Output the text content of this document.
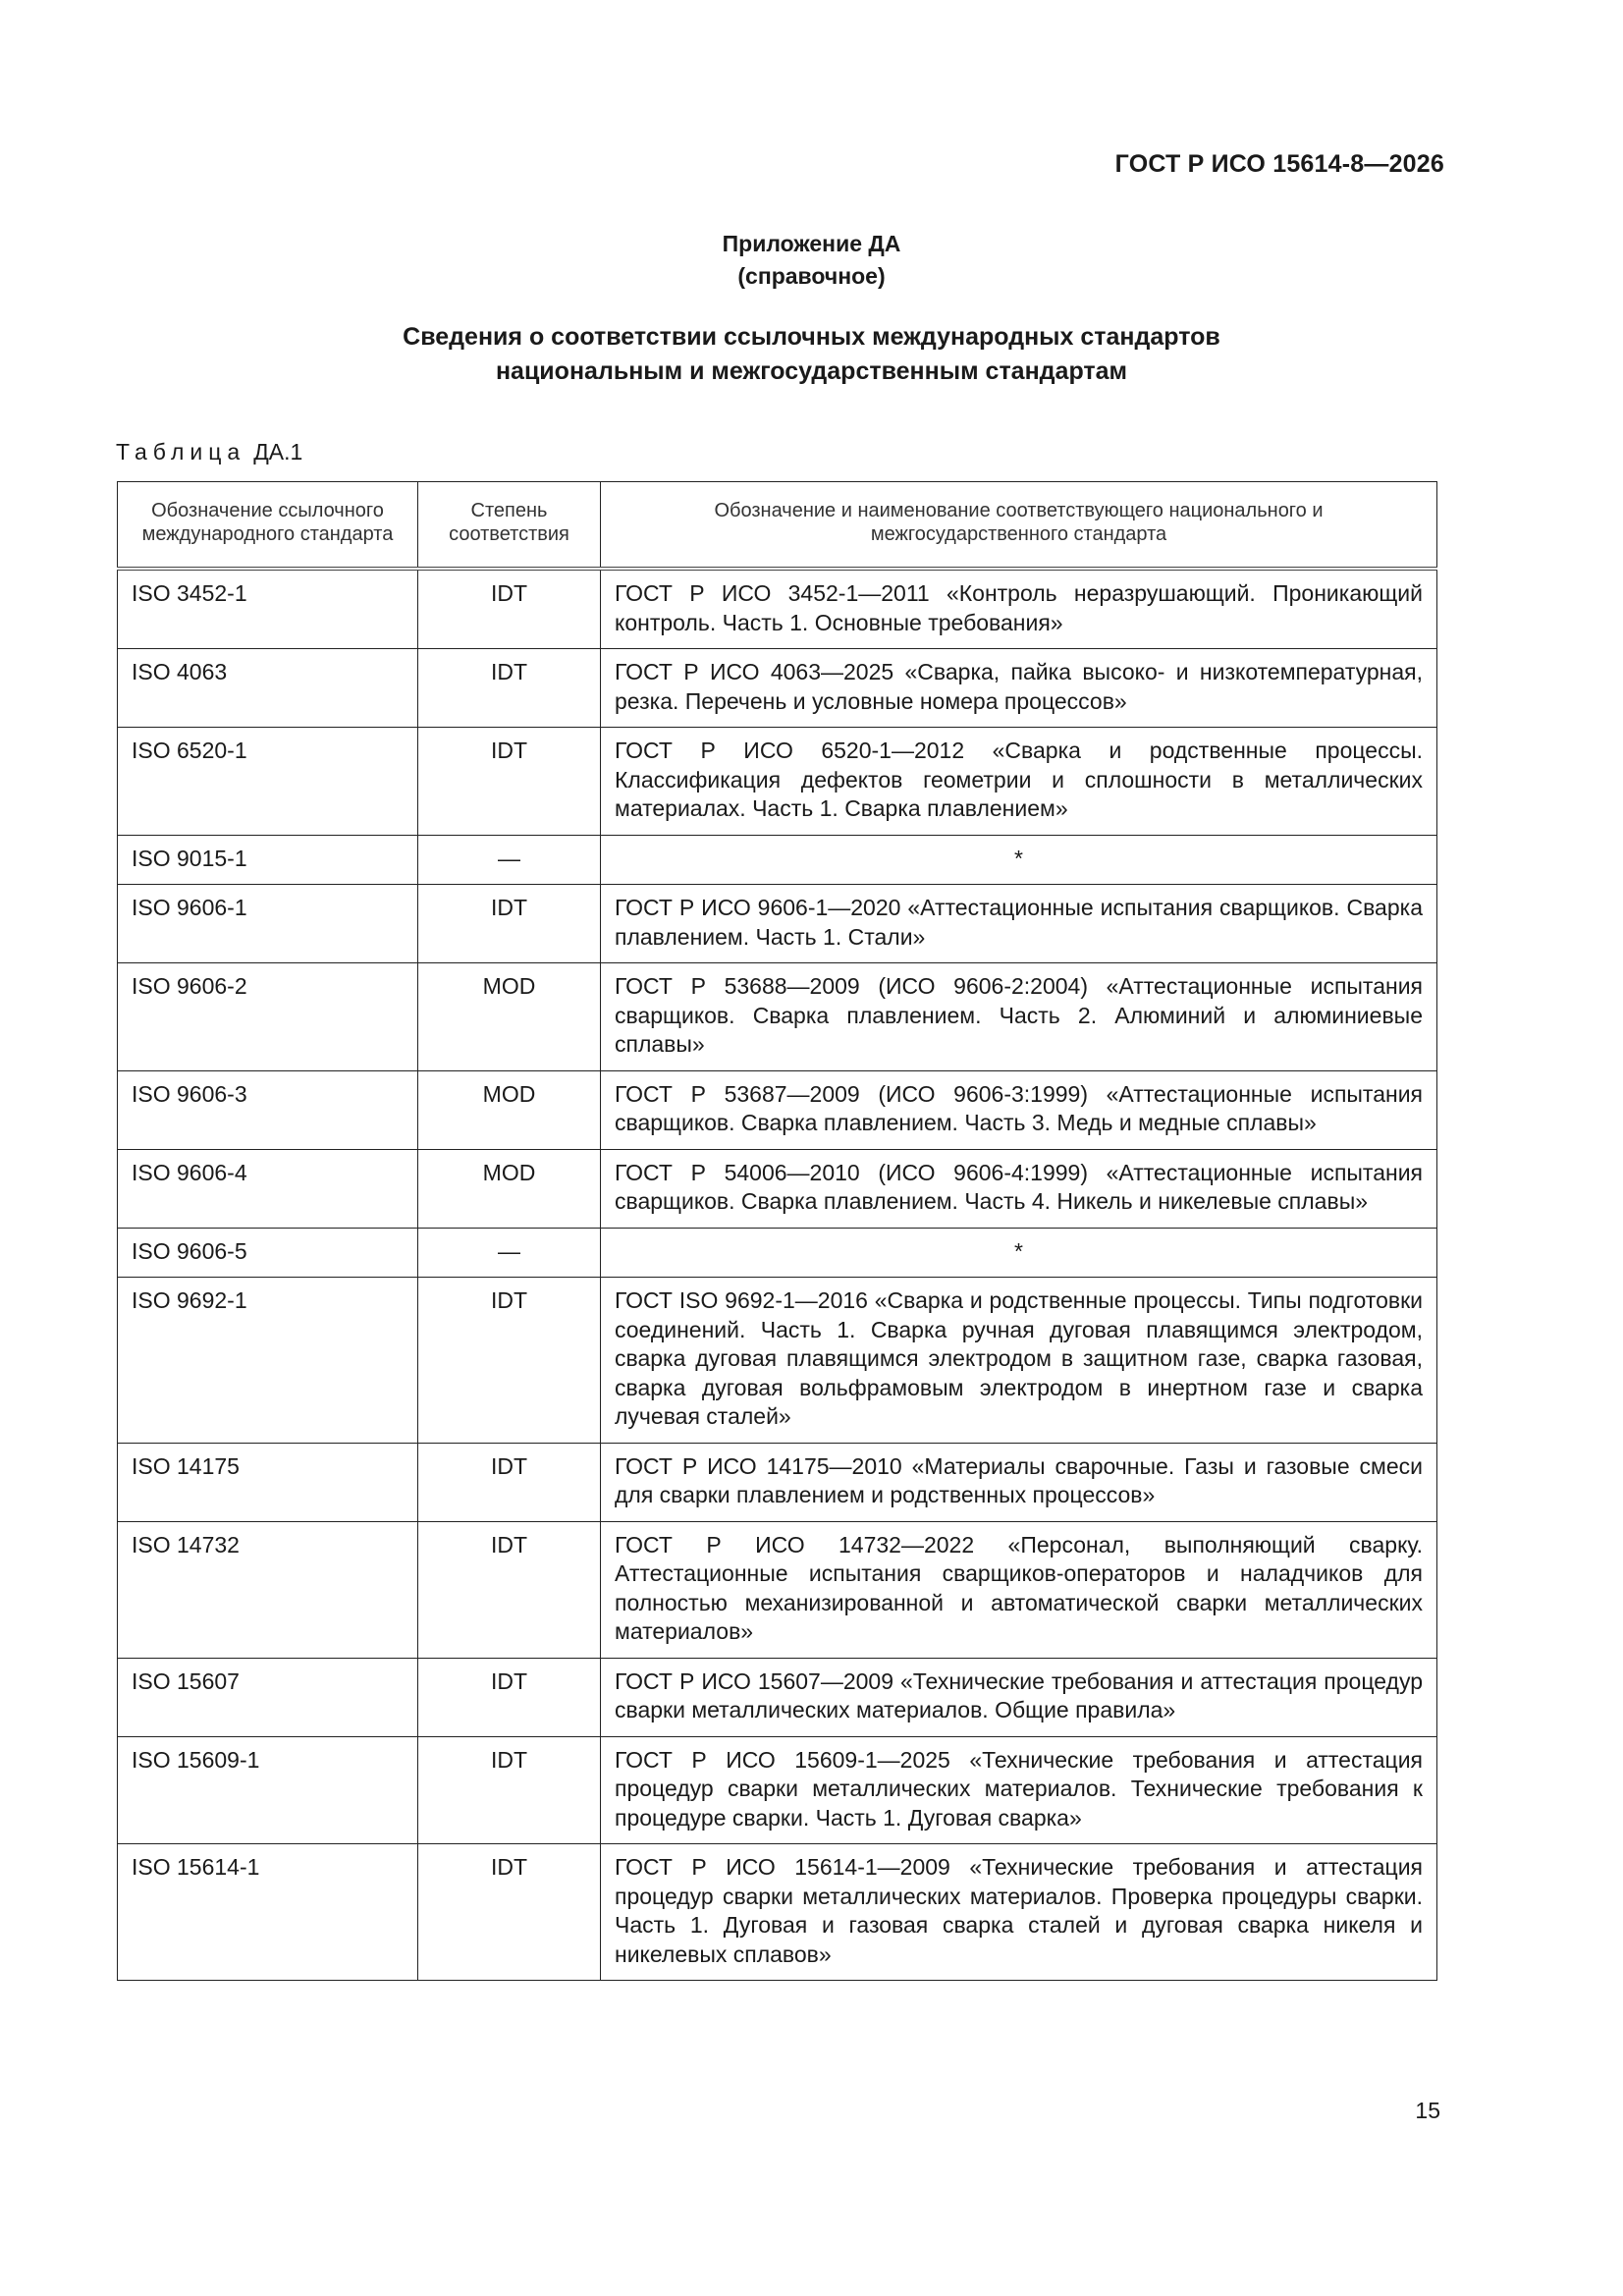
ГОСТ Р ИСО 15614-8—2026
Приложение ДА
(справочное)
Сведения о соответствии ссылочных международных стандартов
национальным и межгосударственным стандартам
Таблица ДА.1
Обозначение ссылочного международного стандарта	Степень соответствия	Обозначение и наименование соответствующего национального и межгосударственного стандарта
ISO 3452-1	IDT	ГОСТ Р ИСО 3452-1—2011 «Контроль неразрушающий. Проникающий контроль. Часть 1. Основные требования»
ISO 4063	IDT	ГОСТ Р ИСО 4063—2025 «Сварка, пайка высоко- и низкотемпературная, резка. Перечень и условные номера процессов»
ISO 6520-1	IDT	ГОСТ Р ИСО 6520-1—2012 «Сварка и родственные процессы. Классификация дефектов геометрии и сплошности в металлических материалах. Часть 1. Сварка плавлением»
ISO 9015-1	—	*
ISO 9606-1	IDT	ГОСТ Р ИСО 9606-1—2020 «Аттестационные испытания сварщиков. Сварка плавлением. Часть 1. Стали»
ISO 9606-2	MOD	ГОСТ Р 53688—2009 (ИСО 9606-2:2004) «Аттестационные испытания сварщиков. Сварка плавлением. Часть 2. Алюминий и алюминиевые сплавы»
ISO 9606-3	MOD	ГОСТ Р 53687—2009 (ИСО 9606-3:1999) «Аттестационные испытания сварщиков. Сварка плавлением. Часть 3. Медь и медные сплавы»
ISO 9606-4	MOD	ГОСТ Р 54006—2010 (ИСО 9606-4:1999) «Аттестационные испытания сварщиков. Сварка плавлением. Часть 4. Никель и никелевые сплавы»
ISO 9606-5	—	*
ISO 9692-1	IDT	ГОСТ ISO 9692-1—2016 «Сварка и родственные процессы. Типы подготовки соединений. Часть 1. Сварка ручная дуговая плавящимся электродом, сварка дуговая плавящимся электродом в защитном газе, сварка газовая, сварка дуговая вольфрамовым электродом в инертном газе и сварка лучевая сталей»
ISO 14175	IDT	ГОСТ Р ИСО 14175—2010 «Материалы сварочные. Газы и газовые смеси для сварки плавлением и родственных процессов»
ISO 14732	IDT	ГОСТ Р ИСО 14732—2022 «Персонал, выполняющий сварку. Аттестационные испытания сварщиков-операторов и наладчиков для полностью механизированной и автоматической сварки металлических материалов»
ISO 15607	IDT	ГОСТ Р ИСО 15607—2009 «Технические требования и аттестация процедур сварки металлических материалов. Общие правила»
ISO 15609-1	IDT	ГОСТ Р ИСО 15609-1—2025 «Технические требования и аттестация процедур сварки металлических материалов. Технические требования к процедуре сварки. Часть 1. Дуговая сварка»
ISO 15614-1	IDT	ГОСТ Р ИСО 15614-1—2009 «Технические требования и аттестация процедур сварки металлических материалов. Проверка процедуры сварки. Часть 1. Дуговая и газовая сварка сталей и дуговая сварка никеля и никелевых сплавов»
15
